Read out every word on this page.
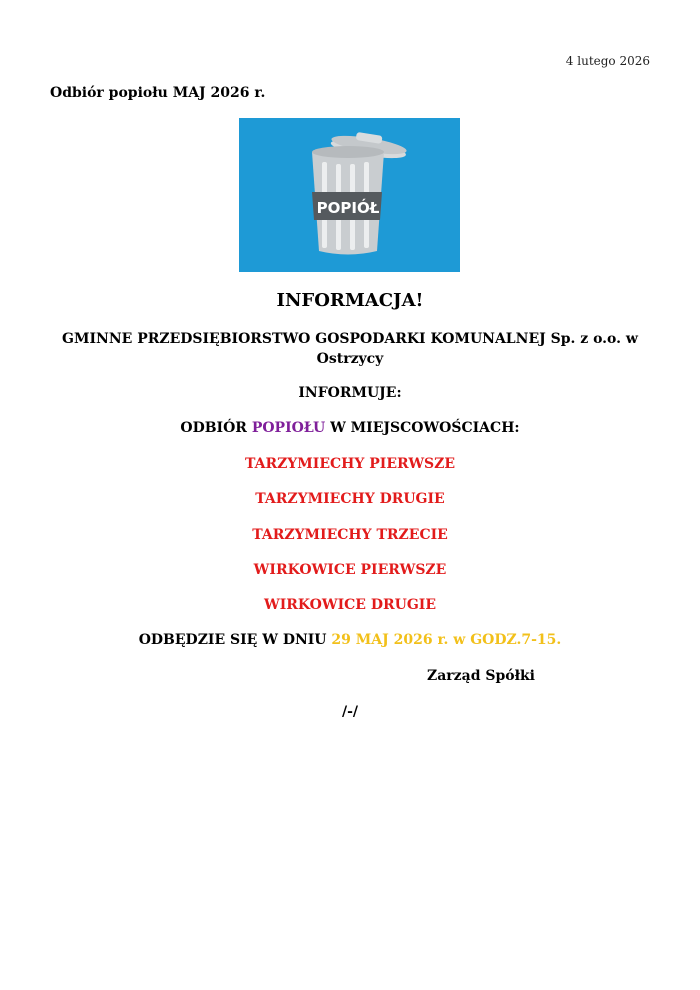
4 lutego 2026
Odbiór popiołu MAJ 2026 r.
POPIÓŁ
INFORMACJA!
GMINNE PRZEDSIĘBIORSTWO GOSPODARKI KOMUNALNEJ Sp. z o.o. w Ostrzycy
INFORMUJE:
ODBIÓR POPIOŁU W MIEJSCOWOŚCIACH:
TARZYMIECHY PIERWSZE
TARZYMIECHY DRUGIE
TARZYMIECHY TRZECIE
WIRKOWICE PIERWSZE
WIRKOWICE DRUGIE
ODBĘDZIE SIĘ W DNIU 29 MAJ 2026 r. w GODZ.7-15.
Zarząd Spółki
/-/
